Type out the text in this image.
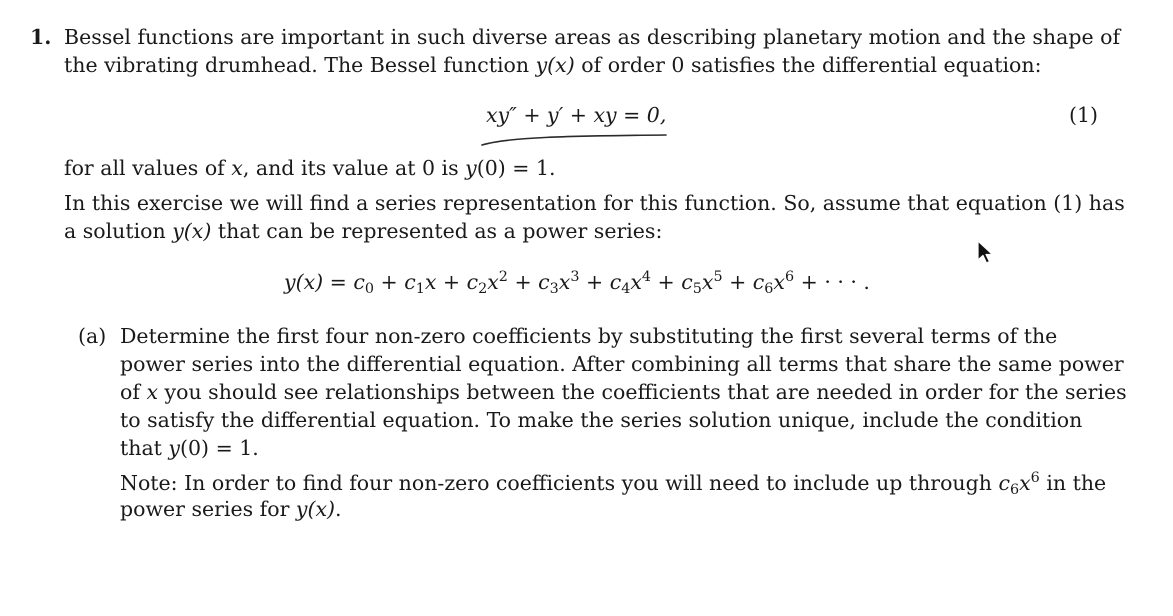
1. Bessel functions are important in such diverse areas as describing planetary motion and the shape of
the vibrating drumhead. The Bessel function y(x) of order 0 satisfies the differential equation:
xy″ + y′ + xy = 0,	(1)
for all values of x, and its value at 0 is y(0) = 1.
In this exercise we will find a series representation for this function. So, assume that equation (1) has
a solution y(x) that can be represented as a power series:
$y(x) = c_0 + c_1x + c_2x^2 + c_3x^3 + c_4x^4 + c_5x^5 + c_6x^6$ + · · · .
(a) Determine the first four non-zero coefficients by substituting the first several terms of the
power series into the differential equation. After combining all terms that share the same power
of x you should see relationships between the coefficients that are needed in order for the series
to satisfy the differential equation. To make the series solution unique, include the condition
that y(0) = 1.
Note: In order to find four non-zero coefficients you will need to include up through $c_6x^6$ in the
power series for y(x).
